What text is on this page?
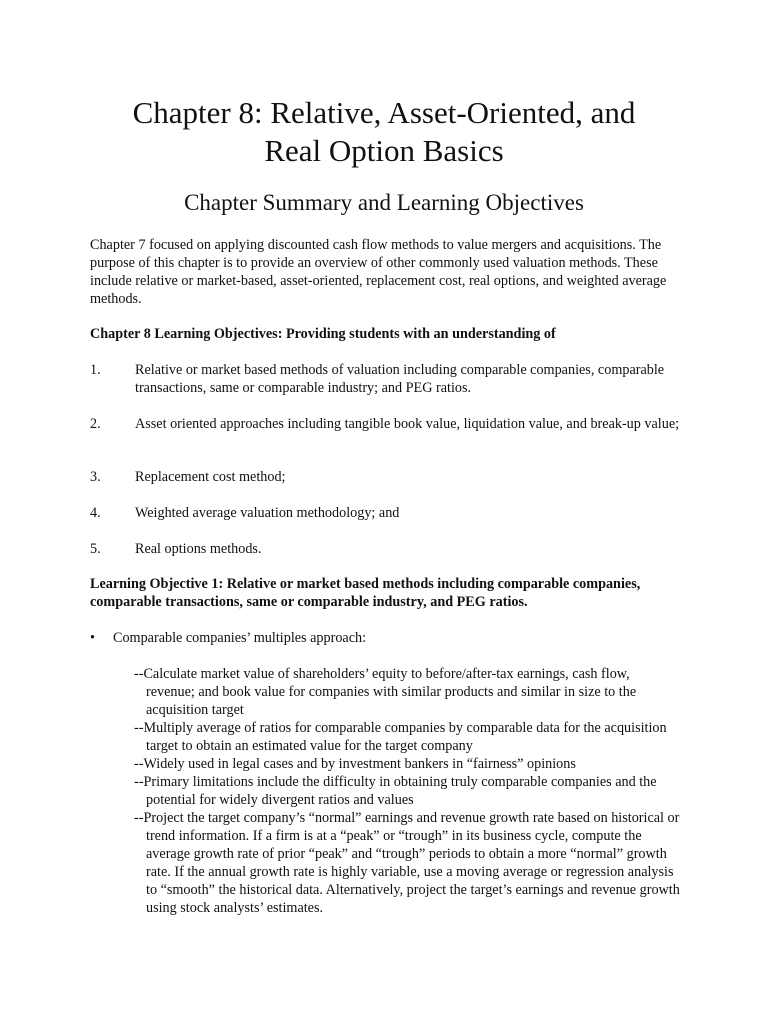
Chapter 8: Relative, Asset-Oriented, and
Real Option Basics
Chapter Summary and Learning Objectives
Chapter 7 focused on applying discounted cash flow methods to value mergers and acquisitions. The purpose of this chapter is to provide an overview of other commonly used valuation methods. These include relative or market-based, asset-oriented, replacement cost, real options, and weighted average methods.
Chapter 8 Learning Objectives: Providing students with an understanding of
1. Relative or market based methods of valuation including comparable companies, comparable transactions, same or comparable industry; and PEG ratios.
2. Asset oriented approaches including tangible book value, liquidation value, and break-up value;
3. Replacement cost method;
4. Weighted average valuation methodology; and
5. Real options methods.
Learning Objective 1: Relative or market based methods including comparable companies, comparable transactions, same or comparable industry, and PEG ratios.
• Comparable companies’ multiples approach:

--Calculate market value of shareholders’ equity to before/after-tax earnings, cash flow, revenue; and book value for companies with similar products and similar in size to the acquisition target

--Multiply average of ratios for comparable companies by comparable data for the acquisition target to obtain an estimated value for the target company

--Widely used in legal cases and by investment bankers in “fairness” opinions

--Primary limitations include the difficulty in obtaining truly comparable companies and the potential for widely divergent ratios and values

--Project the target company’s “normal” earnings and revenue growth rate based on historical or trend information. If a firm is at a “peak” or “trough” in its business cycle, compute the average growth rate of prior “peak” and “trough” periods to obtain a more “normal” growth rate. If the annual growth rate is highly variable, use a moving average or regression analysis to “smooth” the historical data. Alternatively, project the target’s earnings and revenue growth using stock analysts’ estimates.
